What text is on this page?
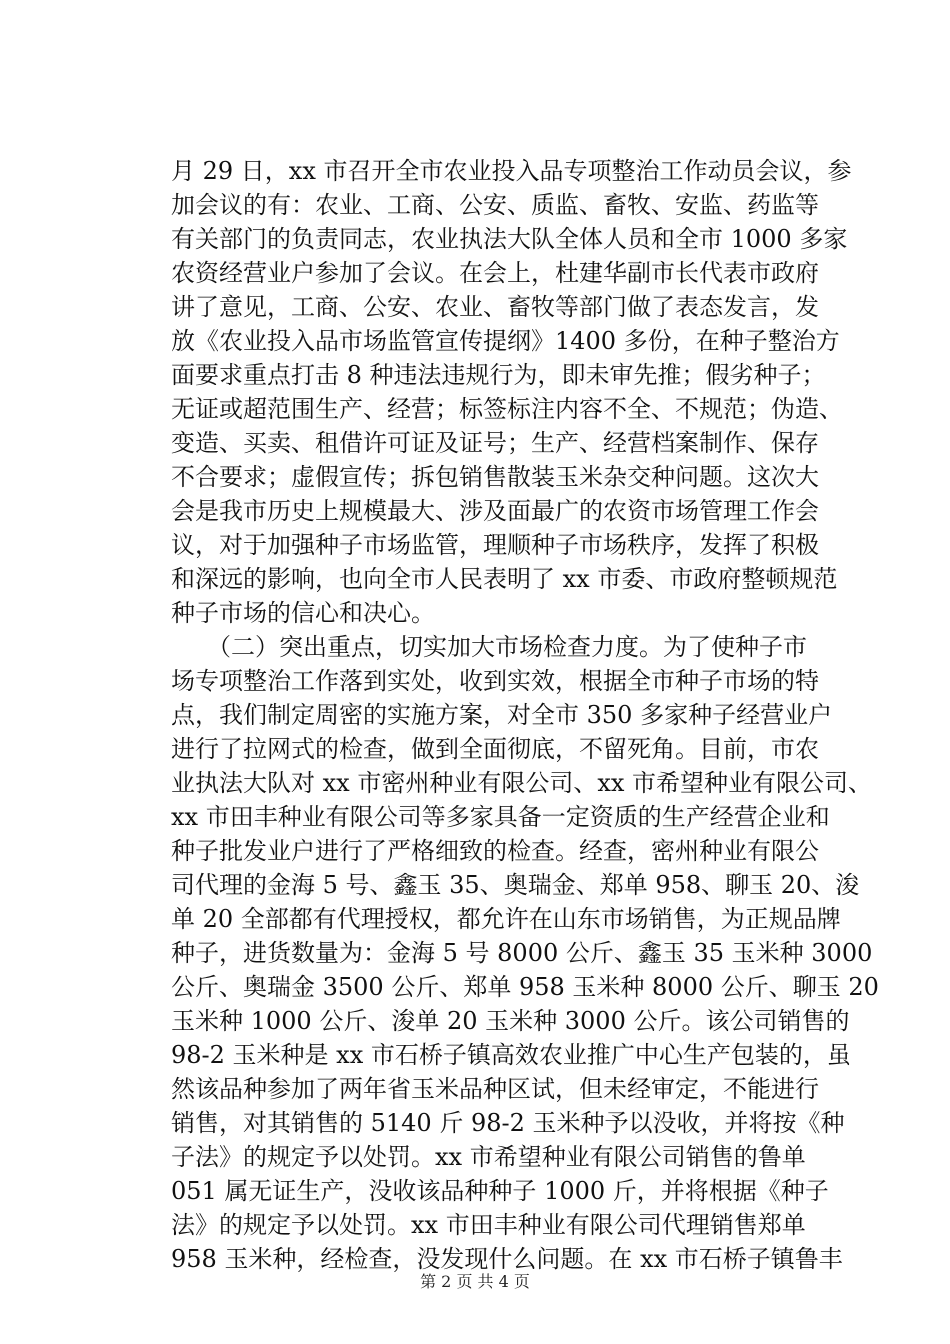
月 29 日，xx 市召开全市农业投入品专项整治工作动员会议，参
加会议的有：农业、工商、公安、质监、畜牧、安监、药监等
有关部门的负责同志，农业执法大队全体人员和全市 1000 多家
农资经营业户参加了会议。在会上，杜建华副市长代表市政府
讲了意见，工商、公安、农业、畜牧等部门做了表态发言，发
放《农业投入品市场监管宣传提纲》1400 多份，在种子整治方
面要求重点打击 8 种违法违规行为，即未审先推；假劣种子；
无证或超范围生产、经营；标签标注内容不全、不规范；伪造、
变造、买卖、租借许可证及证号；生产、经营档案制作、保存
不合要求；虚假宣传；拆包销售散装玉米杂交种问题。这次大
会是我市历史上规模最大、涉及面最广的农资市场管理工作会
议，对于加强种子市场监管，理顺种子市场秩序，发挥了积极
和深远的影响，也向全市人民表明了 xx 市委、市政府整顿规范
种子市场的信心和决心。
　　（二）突出重点，切实加大市场检查力度。为了使种子市
场专项整治工作落到实处，收到实效，根据全市种子市场的特
点，我们制定周密的实施方案，对全市 350 多家种子经营业户
进行了拉网式的检查，做到全面彻底，不留死角。目前，市农
业执法大队对 xx 市密州种业有限公司、xx 市希望种业有限公司、
xx 市田丰种业有限公司等多家具备一定资质的生产经营企业和
种子批发业户进行了严格细致的检查。经查，密州种业有限公
司代理的金海 5 号、鑫玉 35、奥瑞金、郑单 958、聊玉 20、浚
单 20 全部都有代理授权，都允许在山东市场销售，为正规品牌
种子，进货数量为：金海 5 号 8000 公斤、鑫玉 35 玉米种 3000
公斤、奥瑞金 3500 公斤、郑单 958 玉米种 8000 公斤、聊玉 20
玉米种 1000 公斤、浚单 20 玉米种 3000 公斤。该公司销售的
98-2 玉米种是 xx 市石桥子镇高效农业推广中心生产包装的，虽
然该品种参加了两年省玉米品种区试，但未经审定，不能进行
销售，对其销售的 5140 斤 98-2 玉米种予以没收，并将按《种
子法》的规定予以处罚。xx 市希望种业有限公司销售的鲁单
051 属无证生产，没收该品种种子 1000 斤，并将根据《种子
法》的规定予以处罚。xx 市田丰种业有限公司代理销售郑单
958 玉米种，经检查，没发现什么问题。在 xx 市石桥子镇鲁丰
第 2 页 共 4 页
